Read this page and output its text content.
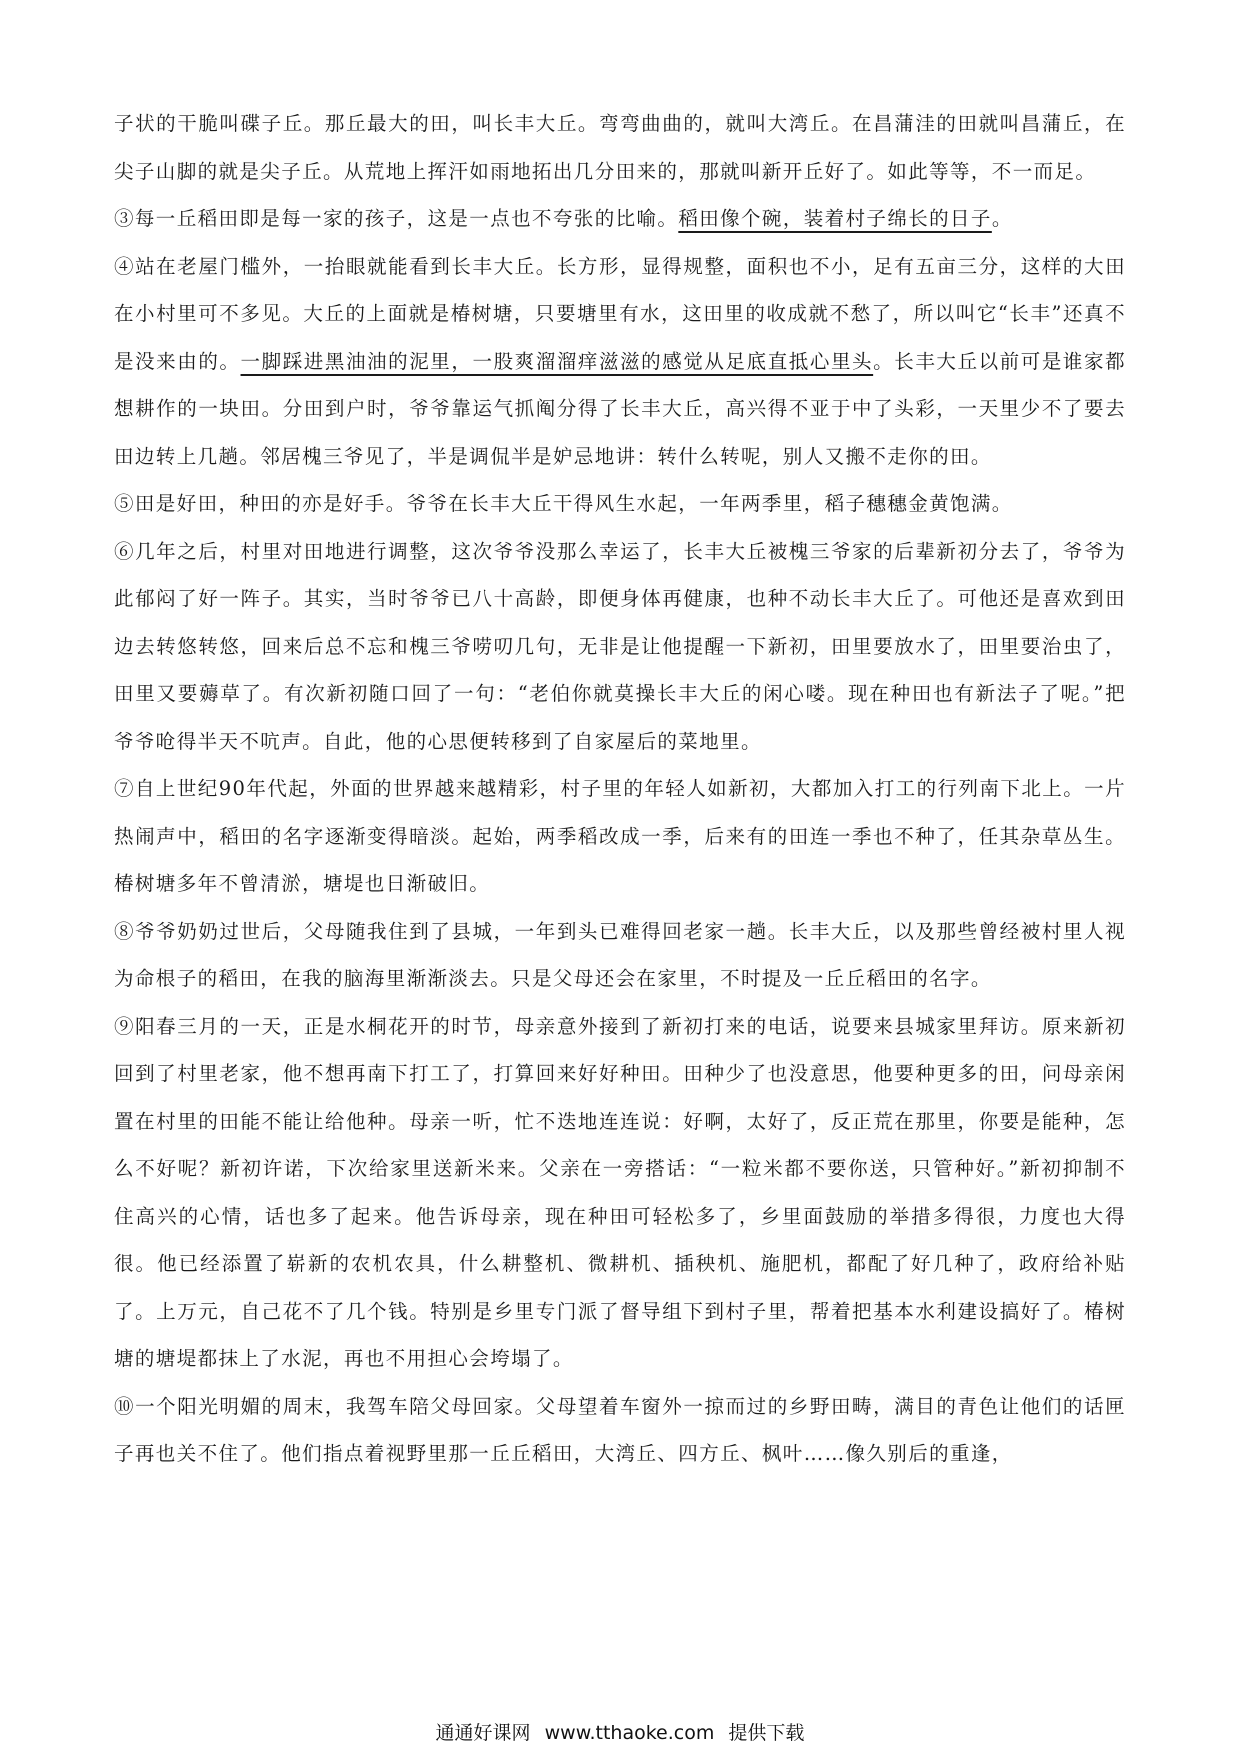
子状的干脆叫碟子丘。那丘最大的田，叫长丰大丘。弯弯曲曲的，就叫大湾丘。在昌蒲洼的田就叫昌蒲丘，在尖子山脚的就是尖子丘。从荒地上挥汗如雨地拓出几分田来的，那就叫新开丘好了。如此等等，不一而足。

③每一丘稻田即是每一家的孩子，这是一点也不夸张的比喻。稻田像个碗，装着村子绵长的日子。

④站在老屋门槛外，一抬眼就能看到长丰大丘。长方形，显得规整，面积也不小，足有五亩三分，这样的大田在小村里可不多见。大丘的上面就是椿树塘，只要塘里有水，这田里的收成就不愁了，所以叫它“长丰”还真不是没来由的。一脚踩进黑油油的泥里，一股爽溜溜痒滋滋的感觉从足底直抵心里头。长丰大丘以前可是谁家都想耕作的一块田。分田到户时，爷爷靠运气抓阄分得了长丰大丘，高兴得不亚于中了头彩，一天里少不了要去田边转上几趟。邻居槐三爷见了，半是调侃半是妒忌地讲：转什么转呢，别人又搬不走你的田。

⑤田是好田，种田的亦是好手。爷爷在长丰大丘干得风生水起，一年两季里，稻子穗穗金黄饱满。

⑥几年之后，村里对田地进行调整，这次爷爷没那么幸运了，长丰大丘被槐三爷家的后辈新初分去了，爷爷为此郁闷了好一阵子。其实，当时爷爷已八十高龄，即便身体再健康，也种不动长丰大丘了。可他还是喜欢到田边去转悠转悠，回来后总不忘和槐三爷唠叨几句，无非是让他提醒一下新初，田里要放水了，田里要治虫了，田里又要薅草了。有次新初随口回了一句：“老伯你就莫操长丰大丘的闲心喽。现在种田也有新法子了呢。”把爷爷呛得半天不吭声。自此，他的心思便转移到了自家屋后的菜地里。

⑦自上世纪90年代起，外面的世界越来越精彩，村子里的年轻人如新初，大都加入打工的行列南下北上。一片热闹声中，稻田的名字逐渐变得暗淡。起始，两季稻改成一季，后来有的田连一季也不种了，任其杂草丛生。椿树塘多年不曾清淤，塘堤也日渐破旧。

⑧爷爷奶奶过世后，父母随我住到了县城，一年到头已难得回老家一趟。长丰大丘，以及那些曾经被村里人视为命根子的稻田，在我的脑海里渐渐淡去。只是父母还会在家里，不时提及一丘丘稻田的名字。

⑨阳春三月的一天，正是水桐花开的时节，母亲意外接到了新初打来的电话，说要来县城家里拜访。原来新初回到了村里老家，他不想再南下打工了，打算回来好好种田。田种少了也没意思，他要种更多的田，问母亲闲置在村里的田能不能让给他种。母亲一听，忙不迭地连连说：好啊，太好了，反正荒在那里，你要是能种，怎么不好呢？新初许诺，下次给家里送新米来。父亲在一旁搭话：“一粒米都不要你送，只管种好。”新初抑制不住高兴的心情，话也多了起来。他告诉母亲，现在种田可轻松多了，乡里面鼓励的举措多得很，力度也大得很。他已经添置了崭新的农机农具，什么耕整机、微耕机、插秧机、施肥机，都配了好几种了，政府给补贴了。上万元，自己花不了几个钱。特别是乡里专门派了督导组下到村子里，帮着把基本水利建设搞好了。椿树塘的塘堤都抹上了水泥，再也不用担心会垮塌了。

⑩一个阳光明媚的周末，我驾车陪父母回家。父母望着车窗外一掠而过的乡野田畴，满目的青色让他们的话匣子再也关不住了。他们指点着视野里那一丘丘稻田，大湾丘、四方丘、枫叶……像久别后的重逢，

通通好课网 www.tthaoke.com 提供下载
